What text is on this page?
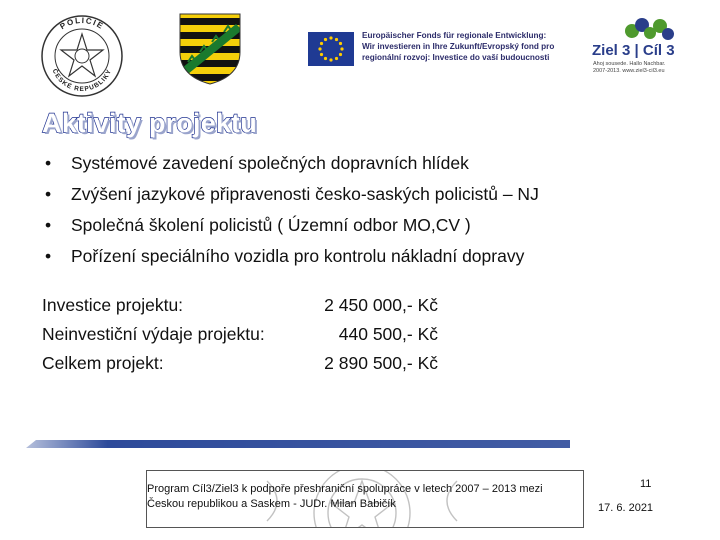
POLICIE
ČESKÉ REPUBLIKY
Europäischer Fonds für regionale Entwicklung:
Wir investieren in Ihre Zukunft/Evropský fond pro
regionální rozvoj: Investice do vaší budoucnosti	Ziel 3 | Cíl 3
Ahoj sousede. Hallo Nachbar.
2007-2013. www.ziel3-cil3.eu
Aktivity projektu
• Systémové zavedení společných dopravních hlídek
• Zvýšení jazykové připravenosti česko-saských policistů – NJ
• Společná školení policistů ( Územní odbor MO,CV )
• Pořízení speciálního vozidla pro kontrolu nákladní dopravy
Investice projektu:	2 450 000,- Kč
Neinvestiční výdaje projektu:	440 500,- Kč
Celkem projekt:	2 890 500,- Kč
Program Cíl3/Ziel3 k podpoře přeshraniční spolupráce v letech 2007 – 2013 mezi
Českou republikou a Saskem - JUDr. Milan Babičík
11
17. 6. 2021
